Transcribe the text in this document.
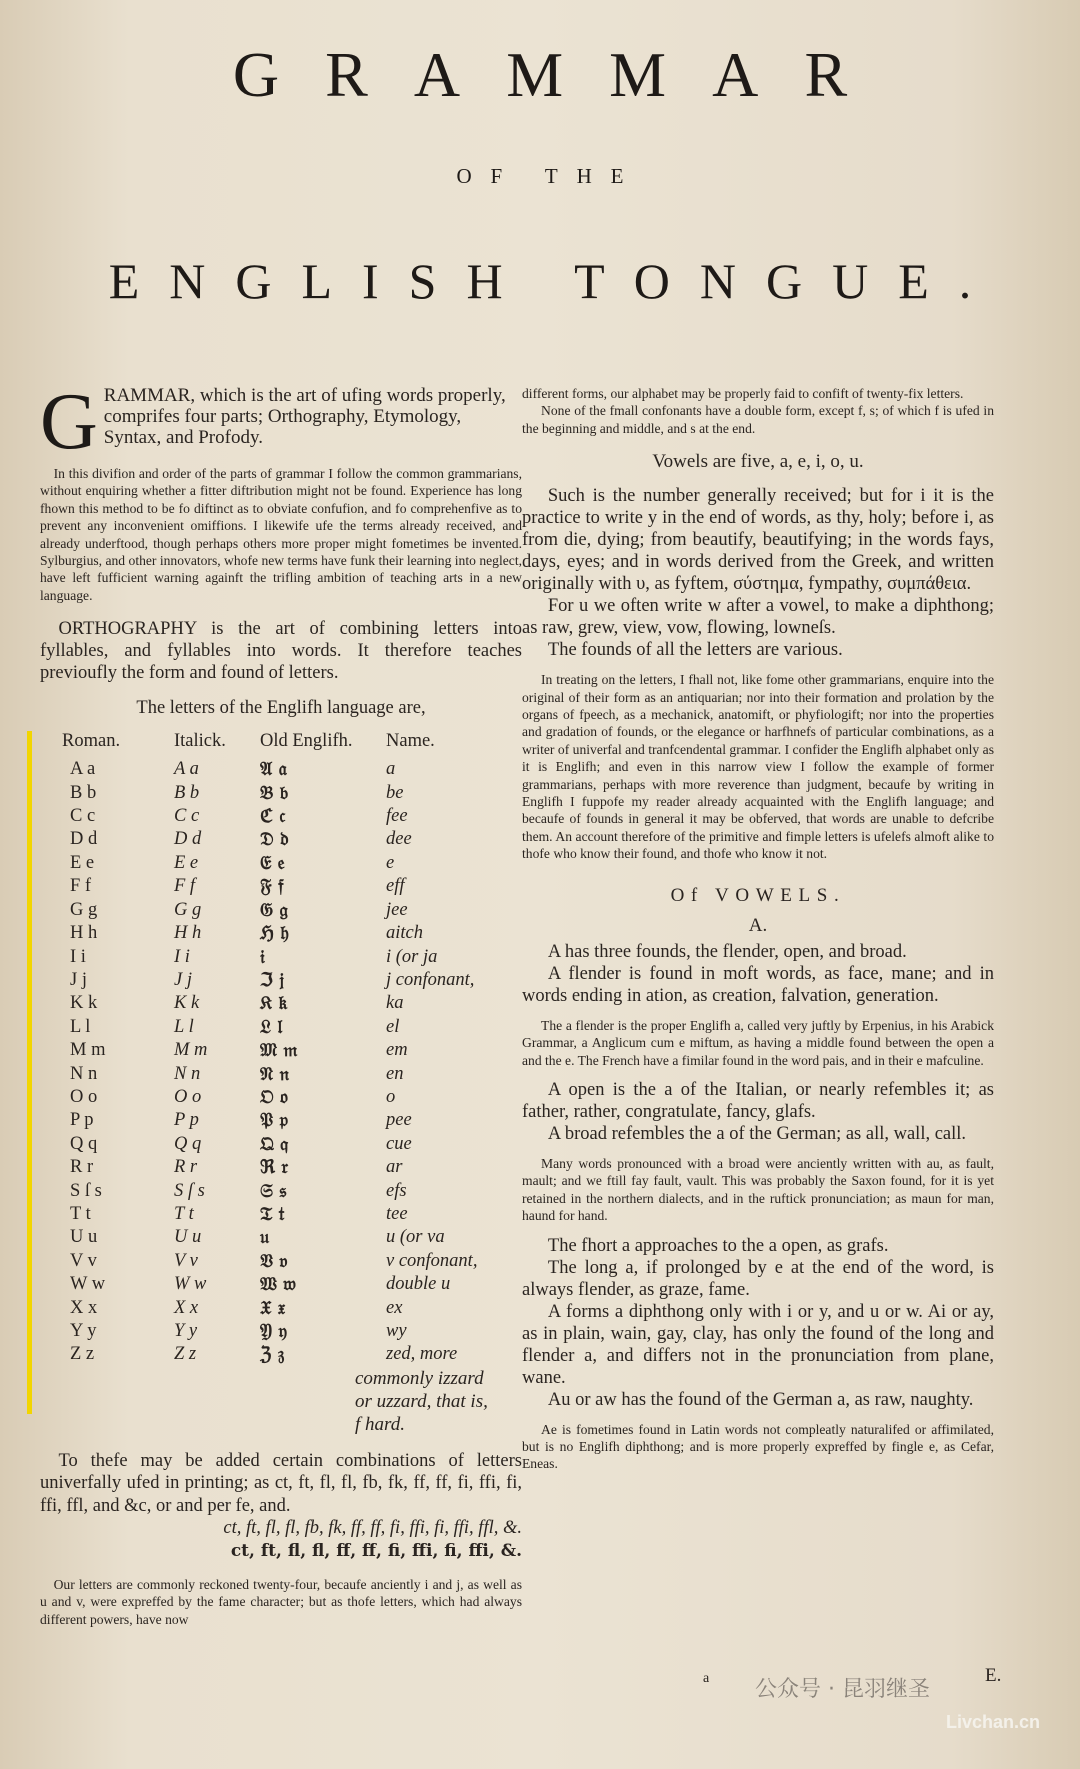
GRAMMAR
OF THE
ENGLISH TONGUE.
G RAMMAR, which is the art of ufing words properly, comprifes four parts; Orthography, Etymology, Syntax, and Profody.
In this divifion and order of the parts of grammar I follow the common grammarians, without enquiring whether a fitter diftribution might not be found. Experience has long fhown this method to be fo diftinct as to obviate confufion, and fo comprehenfive as to prevent any inconvenient omiffions. I likewife ufe the terms already received, and already underftood, though perhaps others more proper might fometimes be invented. Sylburgius, and other innovators, whofe new terms have funk their learning into neglect, have left fufficient warning againft the trifling ambition of teaching arts in a new language.
ORTHOGRAPHY is the art of combining letters into fyllables, and fyllables into words. It therefore teaches previoufly the form and found of letters.
The letters of the Englifh language are,
Roman.	Italick.	Old Englifh.	Name.
A a	A a	𝔄 𝔞	a
B b	B b	𝔅 𝔟	be
C c	C c	ℭ 𝔠	fee
D d	D d	𝔇 𝔡	dee
E e	E e	𝔈 𝔢	e
F f	F f	𝔉 𝔣	eff
G g	G g	𝔊 𝔤	jee
H h	H h	ℌ 𝔥	aitch
I i	I i	𝔦	i (or ja
J j	J j	ℑ 𝔧	j confonant,
K k	K k	𝔎 𝔨	ka
L l	L l	𝔏 𝔩	el
M m	M m	𝔐 𝔪	em
N n	N n	𝔑 𝔫	en
O o	O o	𝔒 𝔬	o
P p	P p	𝔓 𝔭	pee
Q q	Q q	𝔔 𝔮	cue
R r	R r	ℜ 𝔯	ar
S ſ s	S ſ s	𝔖 𝔰	efs
T t	T t	𝔗 𝔱	tee
U u	U u	𝔲	u (or va
V v	V v	𝔙 𝔳	v confonant,
W w	W w	𝔚 𝔴	double u
X x	X x	𝔛 𝔵	ex
Y y	Y y	𝔜 𝔶	wy
Z z	Z z	ℨ 𝔷	zed, more
commonly izzard
or uzzard, that is,
f hard.
To thefe may be added certain combinations of letters univerfally ufed in printing; as ct, ft, fl, fl, fb, fk, ff, ff, fi, ffi, fi, ffi, ffl, and &c, or and per fe, and.
ct, ft, fl, fl, fb, fk, ff, ff, fi, ffi, fi, ffi, ffl, &.
ct, ft, fl, fl, ff, ff, fi, ffi, fi, ffi, &.
Our letters are commonly reckoned twenty-four, becaufe anciently i and j, as well as u and v, were expreffed by the fame character; but as thofe letters, which had always different powers, have now
different forms, our alphabet may be properly faid to confift of twenty-fix letters.
None of the fmall confonants have a double form, except f, s; of which f is ufed in the beginning and middle, and s at the end.
Vowels are five, a, e, i, o, u.
Such is the number generally received; but for i it is the practice to write y in the end of words, as thy, holy; before i, as from die, dying; from beautify, beautifying; in the words fays, days, eyes; and in words derived from the Greek, and written originally with υ, as fyftem, σύστημα, fympathy, συμπάθεια.
For u we often write w after a vowel, to make a diphthong; as raw, grew, view, vow, flowing, lowneſs.
The founds of all the letters are various.
In treating on the letters, I fhall not, like fome other grammarians, enquire into the original of their form as an antiquarian; nor into their formation and prolation by the organs of fpeech, as a mechanick, anatomift, or phyfiologift; nor into the properties and gradation of founds, or the elegance or harfhnefs of particular combinations, as a writer of univerfal and tranfcendental grammar. I confider the Englifh alphabet only as it is Englifh; and even in this narrow view I follow the example of former grammarians, perhaps with more reverence than judgment, becaufe by writing in Englifh I fuppofe my reader already acquainted with the Englifh language; and becaufe of founds in general it may be obferved, that words are unable to defcribe them. An account therefore of the primitive and fimple letters is ufelefs almoft alike to thofe who know their found, and thofe who know it not.
Of VOWELS.
A.
A has three founds, the flender, open, and broad.
A flender is found in moft words, as face, mane; and in words ending in ation, as creation, falvation, generation.
The a flender is the proper Englifh a, called very juftly by Erpenius, in his Arabick Grammar, a Anglicum cum e miftum, as having a middle found between the open a and the e. The French have a fimilar found in the word pais, and in their e mafculine.
A open is the a of the Italian, or nearly refembles it; as father, rather, congratulate, fancy, glafs.
A broad refembles the a of the German; as all, wall, call.
Many words pronounced with a broad were anciently written with au, as fault, mault; and we ftill fay fault, vault. This was probably the Saxon found, for it is yet retained in the northern dialects, and in the ruftick pronunciation; as maun for man, haund for hand.
The fhort a approaches to the a open, as grafs.
The long a, if prolonged by e at the end of the word, is always flender, as graze, fame.
A forms a diphthong only with i or y, and u or w. Ai or ay, as in plain, wain, gay, clay, has only the found of the long and flender a, and differs not in the pronunciation from plane, wane.
Au or aw has the found of the German a, as raw, naughty.
Ae is fometimes found in Latin words not compleatly naturalifed or affimilated, but is no Englifh diphthong; and is more properly expreffed by fingle e, as Cefar, Eneas.
a	E.
公众号 · 昆羽继圣
Livchan.cn
